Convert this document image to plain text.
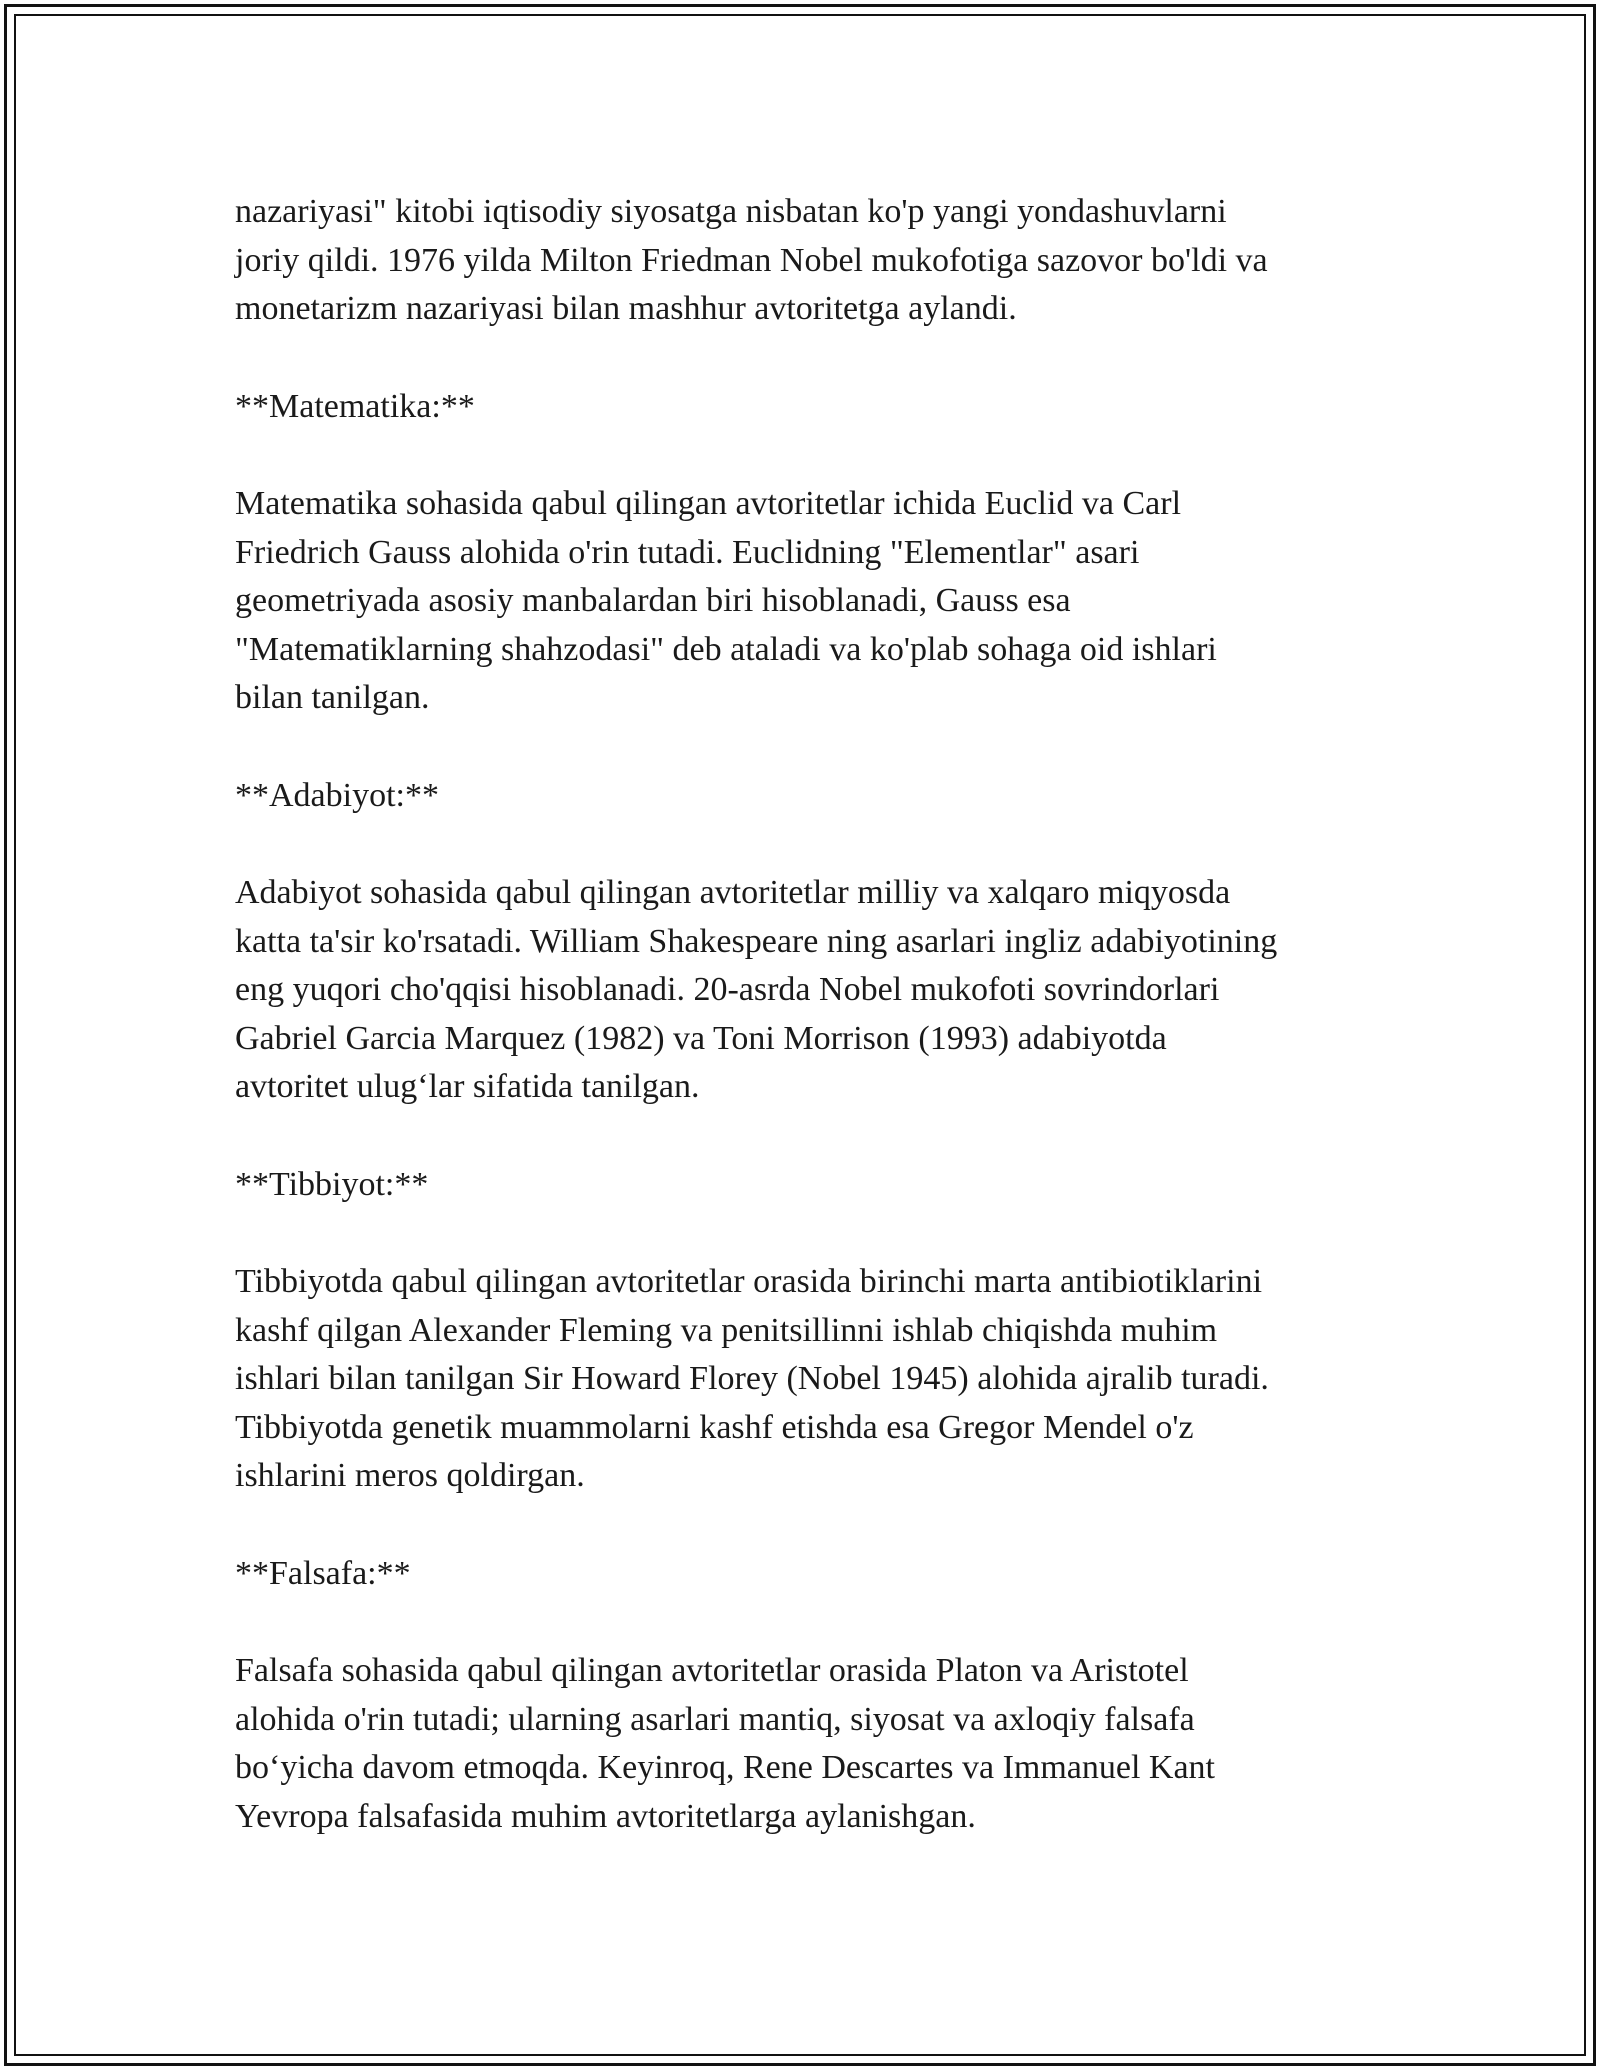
nazariyasi" kitobi iqtisodiy siyosatga nisbatan ko'p yangi yondashuvlarni
joriy qildi. 1976 yilda Milton Friedman Nobel mukofotiga sazovor bo'ldi va
monetarizm nazariyasi bilan mashhur avtoritetga aylandi.
**Matematika:**
Matematika sohasida qabul qilingan avtoritetlar ichida Euclid va Carl
Friedrich Gauss alohida o'rin tutadi. Euclidning "Elementlar" asari
geometriyada asosiy manbalardan biri hisoblanadi, Gauss esa
"Matematiklarning shahzodasi" deb ataladi va ko'plab sohaga oid ishlari
bilan tanilgan.
**Adabiyot:**
Adabiyot sohasida qabul qilingan avtoritetlar milliy va xalqaro miqyosda
katta ta'sir ko'rsatadi. William Shakespeare ning asarlari ingliz adabiyotining
eng yuqori cho'qqisi hisoblanadi. 20-asrda Nobel mukofoti sovrindorlari
Gabriel Garcia Marquez (1982) va Toni Morrison (1993) adabiyotda
avtoritet ulug‘lar sifatida tanilgan.
**Tibbiyot:**
Tibbiyotda qabul qilingan avtoritetlar orasida birinchi marta antibiotiklarini
kashf qilgan Alexander Fleming va penitsillinni ishlab chiqishda muhim
ishlari bilan tanilgan Sir Howard Florey (Nobel 1945) alohida ajralib turadi.
Tibbiyotda genetik muammolarni kashf etishda esa Gregor Mendel o'z
ishlarini meros qoldirgan.
**Falsafa:**
Falsafa sohasida qabul qilingan avtoritetlar orasida Platon va Aristotel
alohida o'rin tutadi; ularning asarlari mantiq, siyosat va axloqiy falsafa
bo‘yicha davom etmoqda. Keyinroq, Rene Descartes va Immanuel Kant
Yevropa falsafasida muhim avtoritetlarga aylanishgan.
